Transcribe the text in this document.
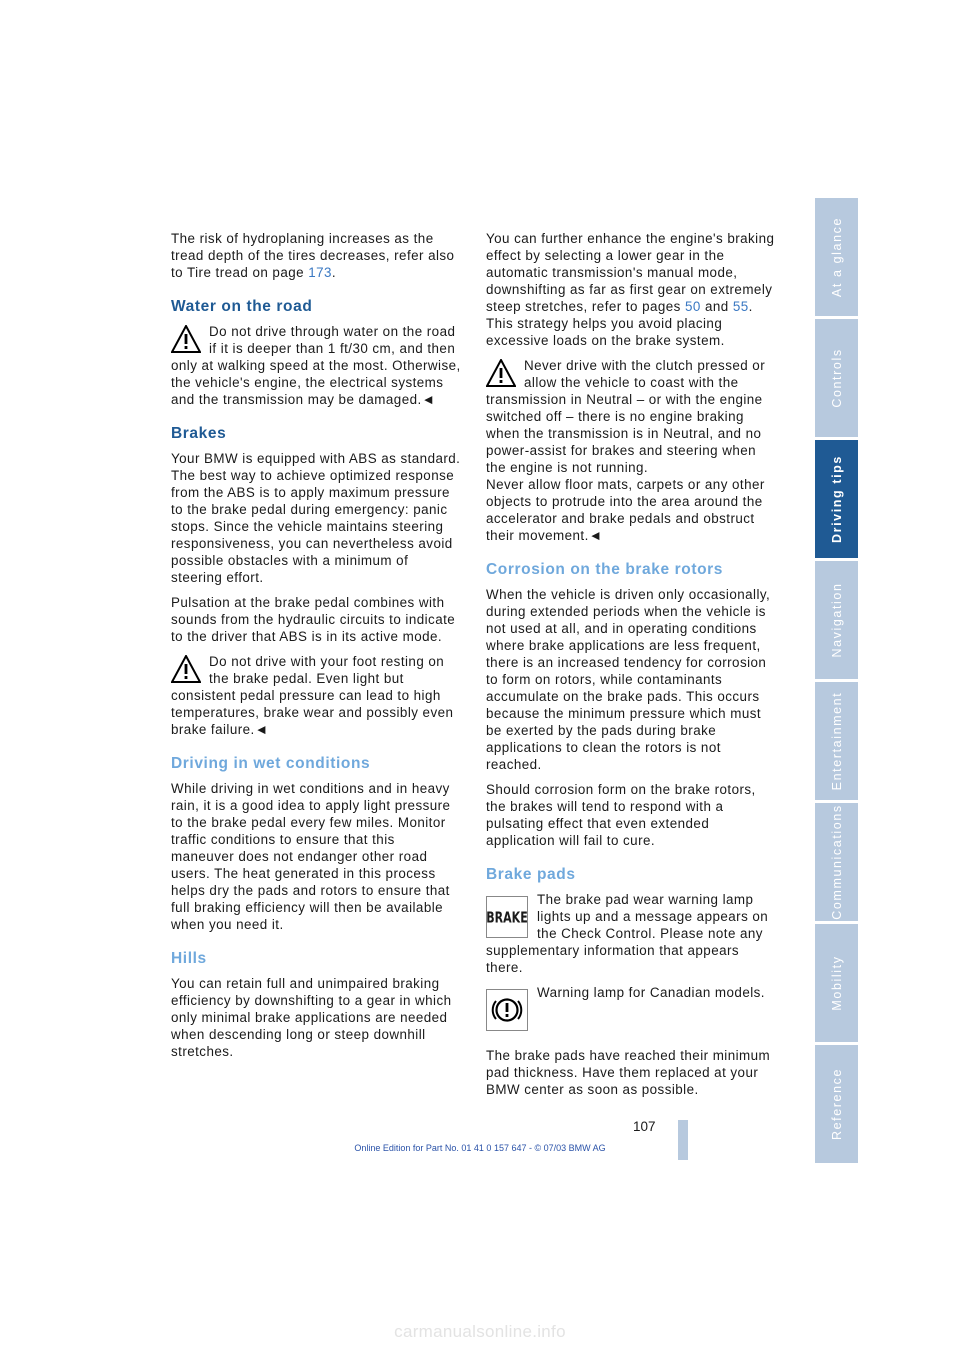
The risk of hydroplaning increases as the tread depth of the tires decreases, refer also to Tire tread on page 173.

Water on the road
Do not drive through water on the road if it is deeper than 1 ft/30 cm, and then only at walking speed at the most. Otherwise, the vehicle's engine, the electrical systems and the transmission may be damaged.◄
Brakes

Your BMW is equipped with ABS as standard. The best way to achieve optimized response from the ABS is to apply maximum pressure to the brake pedal during emergency: panic stops. Since the vehicle maintains steering responsiveness, you can nevertheless avoid possible obstacles with a minimum of steering effort.

Pulsation at the brake pedal combines with sounds from the hydraulic circuits to indicate to the driver that ABS is in its active mode.

Do not drive with your foot resting on the brake pedal. Even light but consistent pedal pressure can lead to high temperatures, brake wear and possibly even brake failure.◄
Driving in wet conditions

While driving in wet conditions and in heavy rain, it is a good idea to apply light pressure to the brake pedal every few miles. Monitor traffic conditions to ensure that this maneuver does not endanger other road users. The heat generated in this process helps dry the pads and rotors to ensure that full braking efficiency will then be available when you need it.

Hills

You can retain full and unimpaired braking efficiency by downshifting to a gear in which only minimal brake applications are needed when descending long or steep downhill stretches.

You can further enhance the engine's braking effect by selecting a lower gear in the automatic transmission's manual mode, downshifting as far as first gear on extremely steep stretches, refer to pages 50 and 55. This strategy helps you avoid placing excessive loads on the brake system.

Never drive with the clutch pressed or allow the vehicle to coast with the transmission in Neutral – or with the engine switched off – there is no engine braking when the transmission is in Neutral, and no power-assist for brakes and steering when the engine is not running.
Never allow floor mats, carpets or any other objects to protrude into the area around the accelerator and brake pedals and obstruct their movement.◄
Corrosion on the brake rotors

When the vehicle is driven only occasionally, during extended periods when the vehicle is not used at all, and in operating conditions where brake applications are less frequent, there is an increased tendency for corrosion to form on rotors, while contaminants accumulate on the brake pads. This occurs because the minimum pressure which must be exerted by the pads during brake applications to clean the rotors is not reached.

Should corrosion form on the brake rotors, the brakes will tend to respond with a pulsating effect that even extended application will fail to cure.

Brake pads
BRAKE
The brake pad wear warning lamp lights up and a message appears on the Check Control. Please note any supplementary information that appears there.
Warning lamp for Canadian models.

The brake pads have reached their minimum pad thickness. Have them replaced at your BMW center as soon as possible.

At a glance
Controls
Driving tips
Navigation
Entertainment
Communications
Mobility
Reference
107
Online Edition for Part No. 01 41 0 157 647 - © 07/03 BMW AG
carmanualsonline.info
